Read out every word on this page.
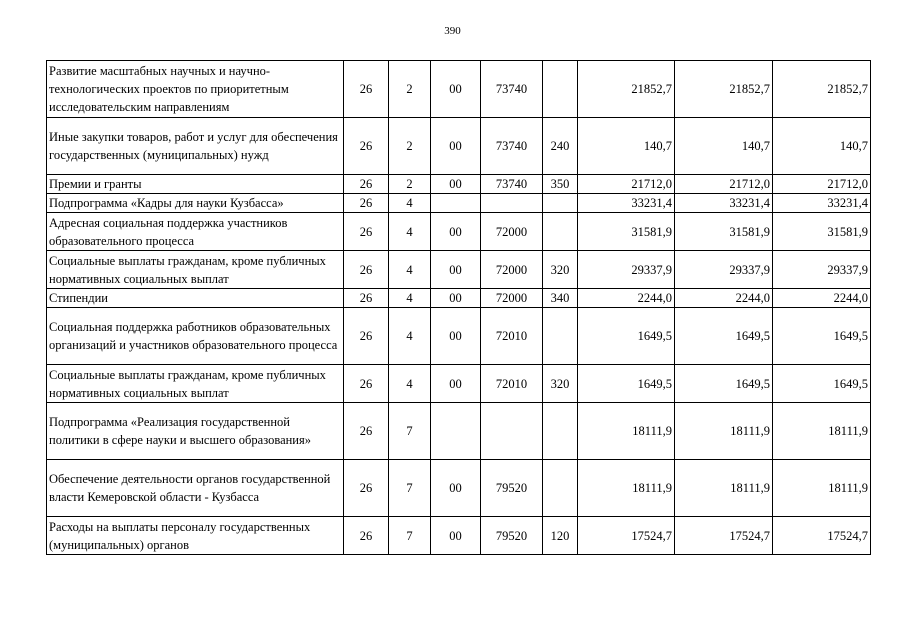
390
Развитие масштабных научных и научно-технологических проектов по приоритетным исследовательским направлениям	26	2	00	73740		21852,7	21852,7	21852,7
Иные закупки товаров, работ и услуг для обеспечения государственных (муниципальных) нужд	26	2	00	73740	240	140,7	140,7	140,7
Премии и гранты	26	2	00	73740	350	21712,0	21712,0	21712,0
Подпрограмма «Кадры для науки Кузбасса»	26	4				33231,4	33231,4	33231,4
Адресная социальная поддержка участников образовательного процесса	26	4	00	72000		31581,9	31581,9	31581,9
Социальные выплаты гражданам, кроме публичных нормативных социальных выплат	26	4	00	72000	320	29337,9	29337,9	29337,9
Стипендии	26	4	00	72000	340	2244,0	2244,0	2244,0
Социальная поддержка работников образовательных организаций и участников образовательного процесса	26	4	00	72010		1649,5	1649,5	1649,5
Социальные выплаты гражданам, кроме публичных нормативных социальных выплат	26	4	00	72010	320	1649,5	1649,5	1649,5
Подпрограмма «Реализация государственной политики в сфере науки и высшего образования»	26	7				18111,9	18111,9	18111,9
Обеспечение деятельности органов государственной власти Кемеровской области - Кузбасса	26	7	00	79520		18111,9	18111,9	18111,9
Расходы на выплаты персоналу государственных (муниципальных) органов	26	7	00	79520	120	17524,7	17524,7	17524,7
